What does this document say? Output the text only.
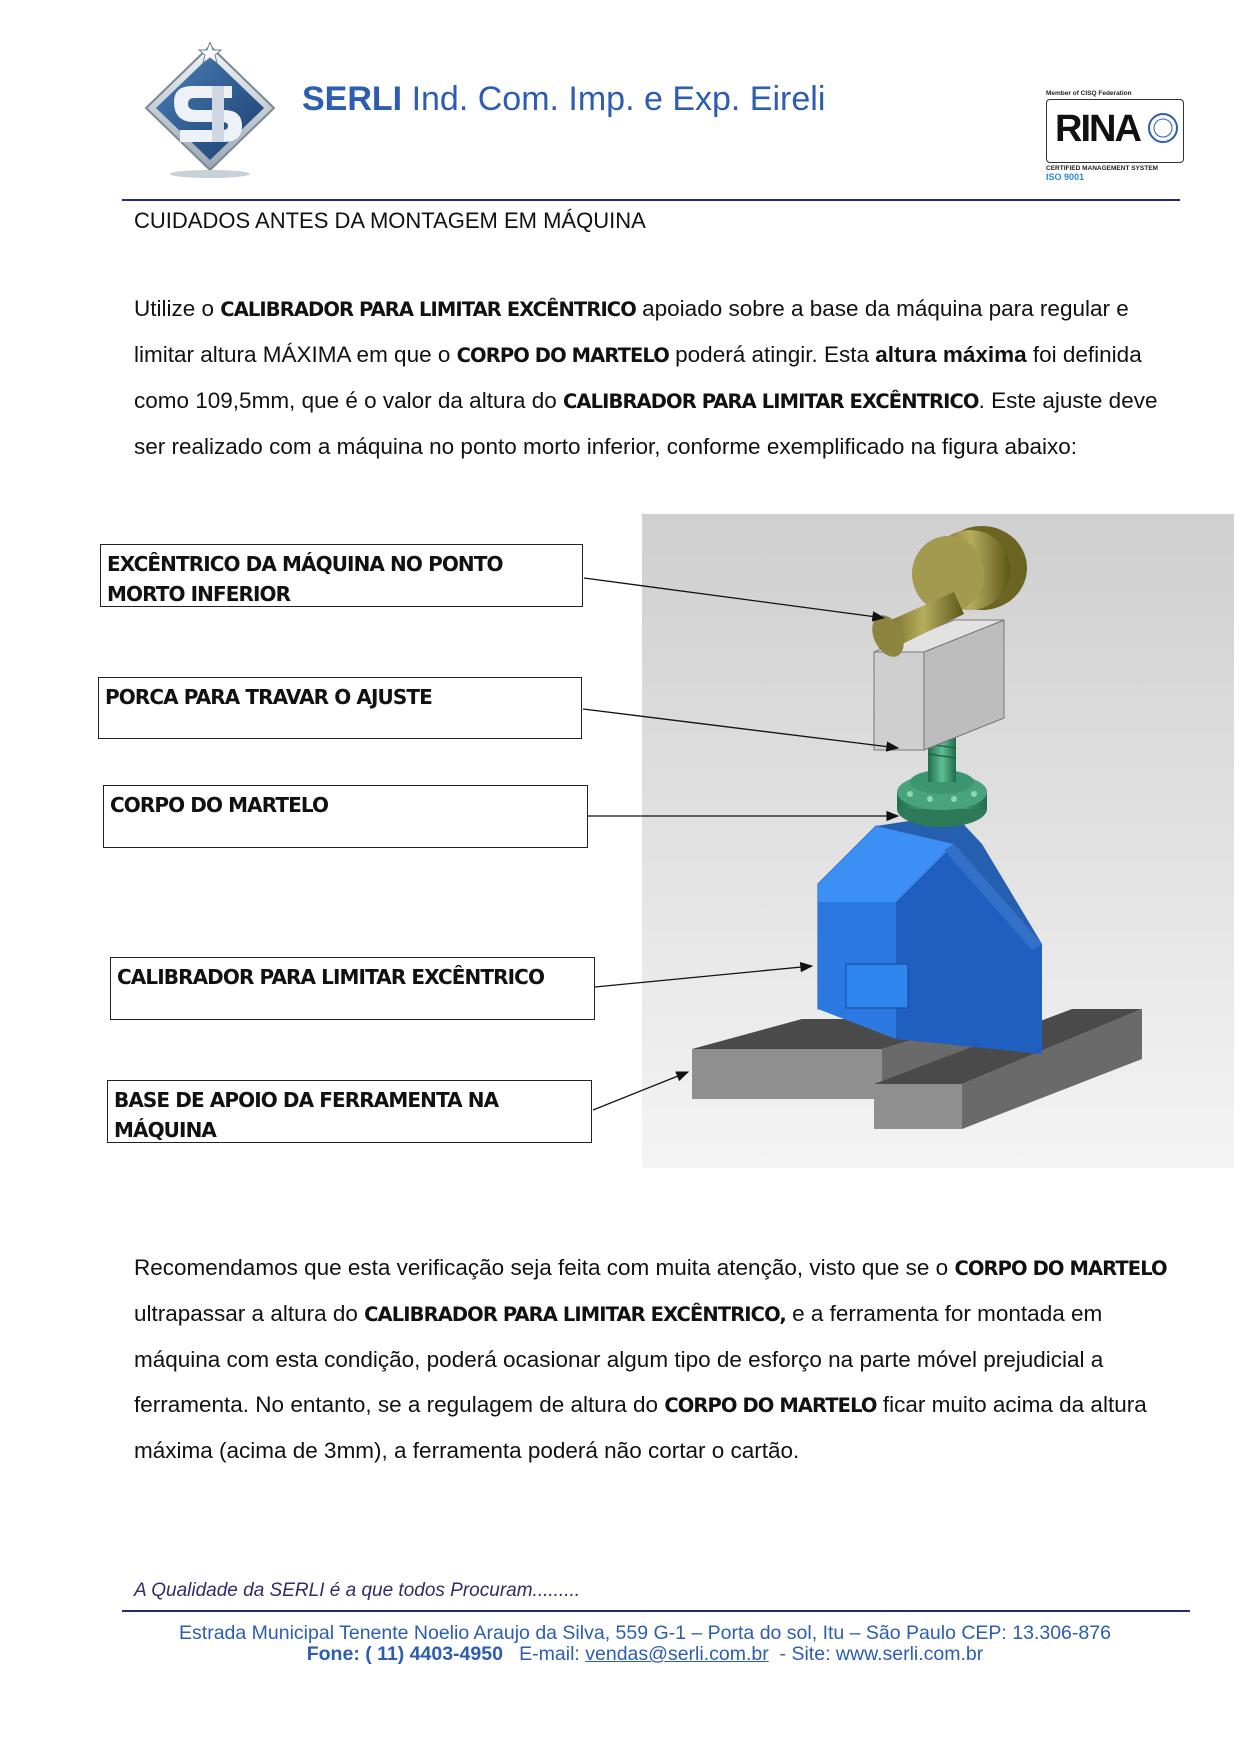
SERLI Ind. Com. Imp. e Exp. Eireli	Member of CISQ Federation
RINA
CERTIFIED MANAGEMENT SYSTEM
ISO 9001
CUIDADOS ANTES DA MONTAGEM EM MÁQUINA
Utilize o CALIBRADOR PARA LIMITAR EXCÊNTRICO apoiado sobre a base da máquina para regular e limitar altura MÁXIMA em que o CORPO DO MARTELO poderá atingir. Esta altura máxima foi definida como 109,5mm, que é o valor da altura do CALIBRADOR PARA LIMITAR EXCÊNTRICO. Este ajuste deve ser realizado com a máquina no ponto morto inferior, conforme exemplificado na figura abaixo:
EXCÊNTRICO DA MÁQUINA NO PONTO MORTO INFERIOR
PORCA PARA TRAVAR O AJUSTE
CORPO DO MARTELO
CALIBRADOR PARA LIMITAR EXCÊNTRICO
BASE DE APOIO DA FERRAMENTA NA MÁQUINA
Recomendamos que esta verificação seja feita com muita atenção, visto que se o CORPO DO MARTELO ultrapassar a altura do CALIBRADOR PARA LIMITAR EXCÊNTRICO, e a ferramenta for montada em máquina com esta condição, poderá ocasionar algum tipo de esforço na parte móvel prejudicial a ferramenta. No entanto, se a regulagem de altura do CORPO DO MARTELO ficar muito acima da altura máxima (acima de 3mm), a ferramenta poderá não cortar o cartão.
A Qualidade da SERLI é a que todos Procuram.........
Estrada Municipal Tenente Noelio Araujo da Silva, 559 G-1 – Porta do sol, Itu – São Paulo CEP: 13.306-876
Fone: ( 11) 4403-4950   E-mail: vendas@serli.com.br  - Site: www.serli.com.br
